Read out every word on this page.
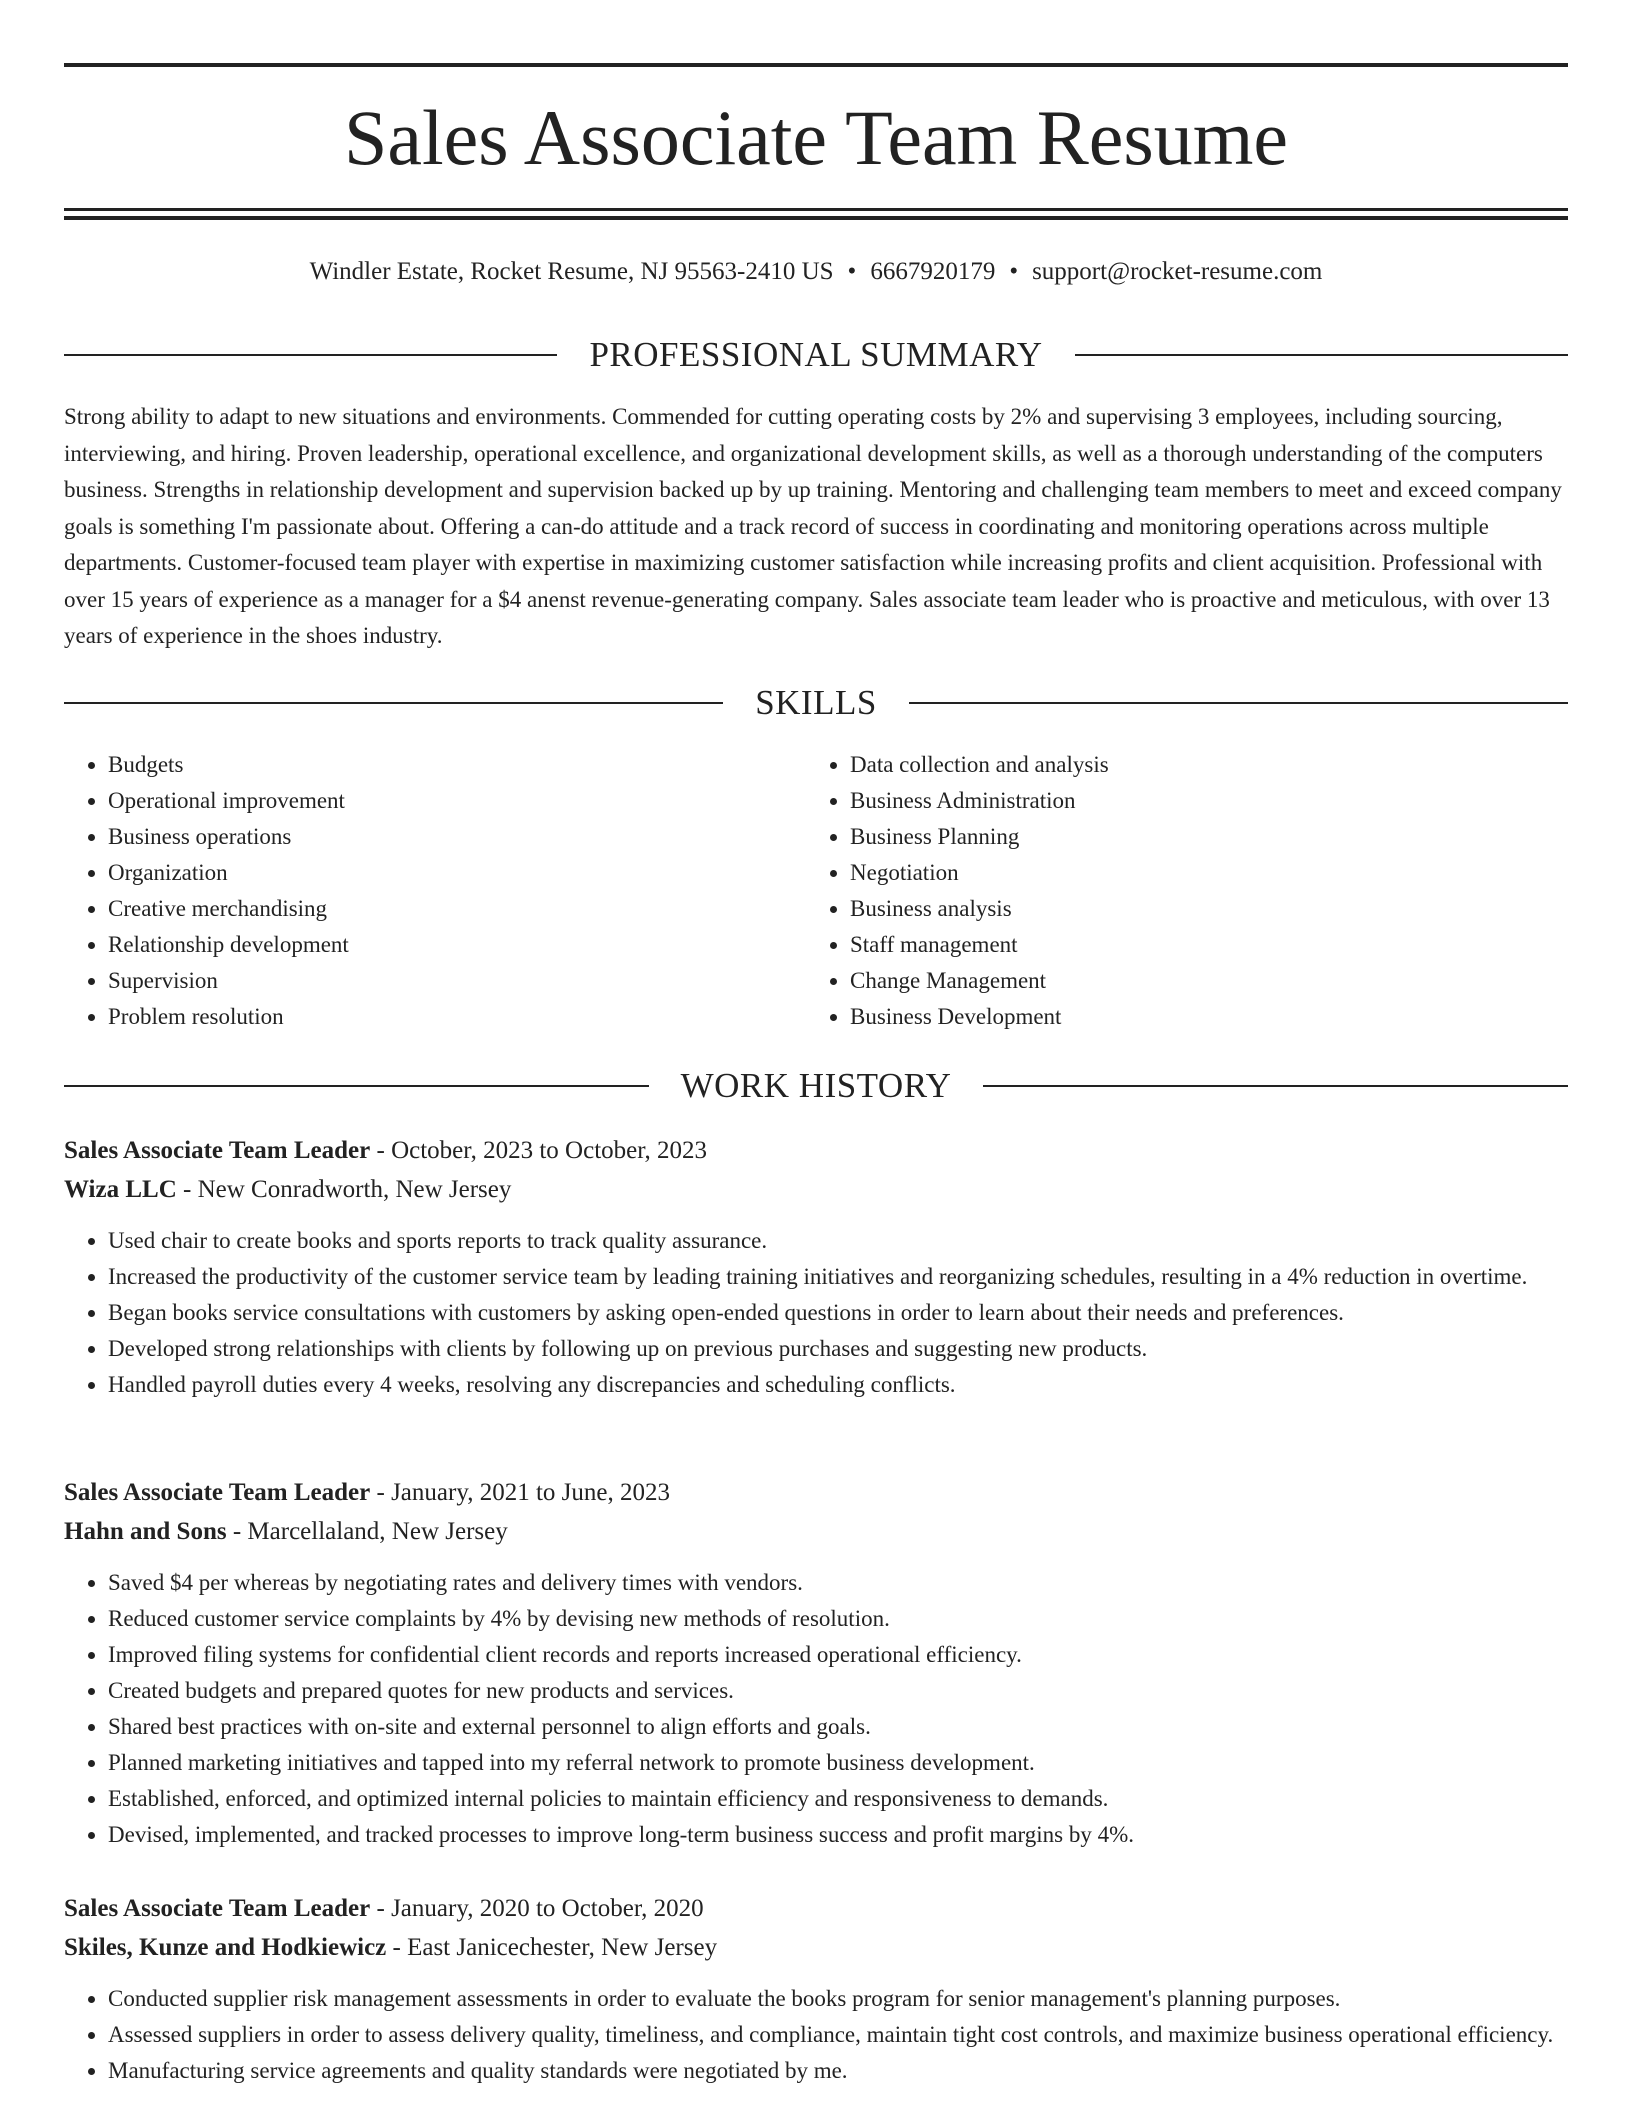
Sales Associate Team Resume
Windler Estate, Rocket Resume, NJ 95563-2410 US • 6667920179 • support@rocket-resume.com
PROFESSIONAL SUMMARY

Strong ability to adapt to new situations and environments. Commended for cutting operating costs by 2% and supervising 3 employees, including sourcing, interviewing, and hiring. Proven leadership, operational excellence, and organizational development skills, as well as a thorough understanding of the computers business. Strengths in relationship development and supervision backed up by up training. Mentoring and challenging team members to meet and exceed company goals is something I'm passionate about. Offering a can-do attitude and a track record of success in coordinating and monitoring operations across multiple departments. Customer-focused team player with expertise in maximizing customer satisfaction while increasing profits and client acquisition. Professional with over 15 years of experience as a manager for a $4 anenst revenue-generating company. Sales associate team leader who is proactive and meticulous, with over 13 years of experience in the shoes industry.

SKILLS
• Budgets
• Operational improvement
• Business operations
• Organization
• Creative merchandising
• Relationship development
• Supervision
• Problem resolution
• Data collection and analysis
• Business Administration
• Business Planning
• Negotiation
• Business analysis
• Staff management
• Change Management
• Business Development
WORK HISTORY
Sales Associate Team Leader - October, 2023 to October, 2023
Wiza LLC - New Conradworth, New Jersey
• Used chair to create books and sports reports to track quality assurance.
• Increased the productivity of the customer service team by leading training initiatives and reorganizing schedules, resulting in a 4% reduction in overtime.
• Began books service consultations with customers by asking open-ended questions in order to learn about their needs and preferences.
• Developed strong relationships with clients by following up on previous purchases and suggesting new products.
• Handled payroll duties every 4 weeks, resolving any discrepancies and scheduling conflicts.
Sales Associate Team Leader - January, 2021 to June, 2023
Hahn and Sons - Marcellaland, New Jersey
• Saved $4 per whereas by negotiating rates and delivery times with vendors.
• Reduced customer service complaints by 4% by devising new methods of resolution.
• Improved filing systems for confidential client records and reports increased operational efficiency.
• Created budgets and prepared quotes for new products and services.
• Shared best practices with on-site and external personnel to align efforts and goals.
• Planned marketing initiatives and tapped into my referral network to promote business development.
• Established, enforced, and optimized internal policies to maintain efficiency and responsiveness to demands.
• Devised, implemented, and tracked processes to improve long-term business success and profit margins by 4%.
Sales Associate Team Leader - January, 2020 to October, 2020
Skiles, Kunze and Hodkiewicz - East Janicechester, New Jersey
• Conducted supplier risk management assessments in order to evaluate the books program for senior management's planning purposes.
• Assessed suppliers in order to assess delivery quality, timeliness, and compliance, maintain tight cost controls, and maximize business operational efficiency.
• Manufacturing service agreements and quality standards were negotiated by me.
